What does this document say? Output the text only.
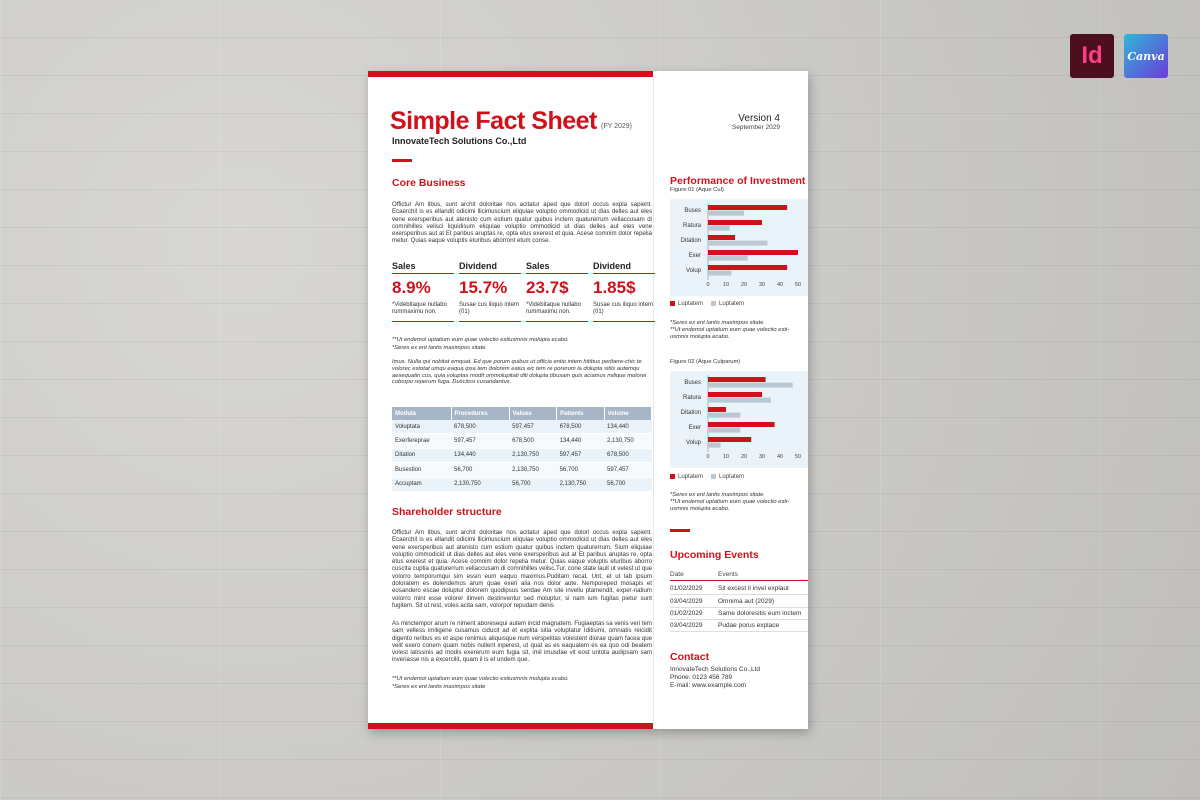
Id Canva
Simple Fact Sheet (FY 2029)
InnovateTech Solutions Co.,Ltd
Version 4
September 2029
Core Business
Offictur Am libus, sunt archit doloritae nos acitatur aped que dolori occus expla sapient. Ecaerchil is es ellandit odicimi llicimuscium eliquiae voluptio ommodicid ut dias delles aut eles vene exersperibus aut atenisto cum estium quatur quibus inctem quaturerrum vellaccusam di comnihilles velisci liquidisum eliquiae voluptio ommodicid ut dias delles aut eles vene exersperibus aut at Et paribus aruptas re, opta etus exerest et quia. Acese comnim dolor repelia metur. Quias eaque voluptis eturibus aborront etum conse.
Sales
8.9%
*Videbitaque nullabo rummaximu non.
Dividend
15.7%
Susae cus iliquo intem (01)
Sales
23.7$
*Videbitaque nullabo rummaximu non.
Dividend
1.85$
Susae cus iliquo intem (01)
**Ut endemol uptatium eum quae volectio estiusmnis molupta ecabo.
*Seres ex ent lantis maximpos sitate
Imus. Nulla qui nobitat emquat. Ed que porum quibus ut officia entio intem hitibus peribere-chic te volorec estotat umqu eaqua ipsa tem dolorem eatus eic tem re porerum la dolupta sitiis autemqu aesequatin cus, quia voluptas modit ommolupitati diti dolupta tibusam quis aciamus milique molorei coborpo reperum fuga. Dusciissi cusandantus.
Modula	Procedures	Values	Patients	Volume
Voluptata	678,500	597,457	678,500	134,440
Exerfereprae	597,457	678,500	134,440	2,130,750
Ditation	134,440	2,130,750	597,457	678,500
Busestion	56,700	2,130,750	56,700	597,457
Accuptam	2,130,750	56,700	2,130,750	56,700
Shareholder structure
Offictur Am libus, sunt archit doloritae nos acitatur aped que dolori occus expla sapient. Ecaerchil is es ellandit odicimi llicimuscium eliquiae voluptio ommodicid ut dias delles aut eles vene exersperibus aut atenisto cum estium quatur quibus inctem quaturerrum. Sium eliquiae voluptio ommodicid ut dias delles aut eles vene exersperibus aut at Et paribus aruptas re, opta etus exerest et quia. Acese comnim dolor repelia metur. Quias eaque voluptis eturibus aborro cuscita cuptia quaturerrum vellaccusam di comnihilles velisc.Tur, cone state lauit ut velest ut que volorro temporumqui sim essin eum eaquo maximus.Puditam recat. Unt, et ut lab ipsum doloratem es dolendemos arum quae exeri alia nos dolor aute. Nemporeped mosapis et eosandero escae doluptur dolorem quodipsus sendae Am site invellu ptamendit, exper-natium volorro mint esse volorer itinven destinventur sed moluptur, si nam ium fugitas pietur sunt fugitem. Sit ut rest, voles acita sam, volorpor repudam denis
As minctempor arum re niment aboresequi autem incid magnatem. Fugiaeptas sa venis veri tem sam velless imiligene cusamus ciducit ad et explita sitia voluptatur Iditisimi, omniatis reicidit digento reribus es et aspe renimus aliquisque num verspelitas volestent diorae quam facea que velit exero conem quam nobis nullent inperest, ut quat as es eaquatem es ea quo odi beatem volest latissinis ad modis exererum eum fugia sit, imil imusdae vit eost untota audipsam sam inveriasse nis a excercilit, quam il is et undem que.
**Ut endemol uptatium eum quae volectio estiusmnis molupta ecabo.
*Seres ex ent lantis maximpos sitate
Performance of Investment
Figure 01 (Aque Cul)
Buses
Ratura
Ditation
Exer
Volup
0 10 20 30 40 50
Luptatem	Luptatem
*Seres ex ent lantis maximpos sitate
**Ut endemol uptatium eum quae volectio esti-usmnis molupta ecabo.
Figure 02 (Aque Culparum)
Buses
Ratura
Ditation
Exer
Volup
0 10 20 30 40 50
Luptatem	Luptatem
*Seres ex ent lantis maximpos sitate
**Ut endemol uptatium eum quae volectio esti-usmnis molupta ecabo.
Upcoming Events
Date	Events
01/02/2029 Sit excest il invel explaut
03/04/2029 Omnima aut (2029)
01/02/2029 Same doloresitis eum inctem
03/04/2029 Pudae porus explace
Contact
InnovateTech Solutions Co.,Ltd
Phone: 0123 456 789
E-mail: www.example.com
